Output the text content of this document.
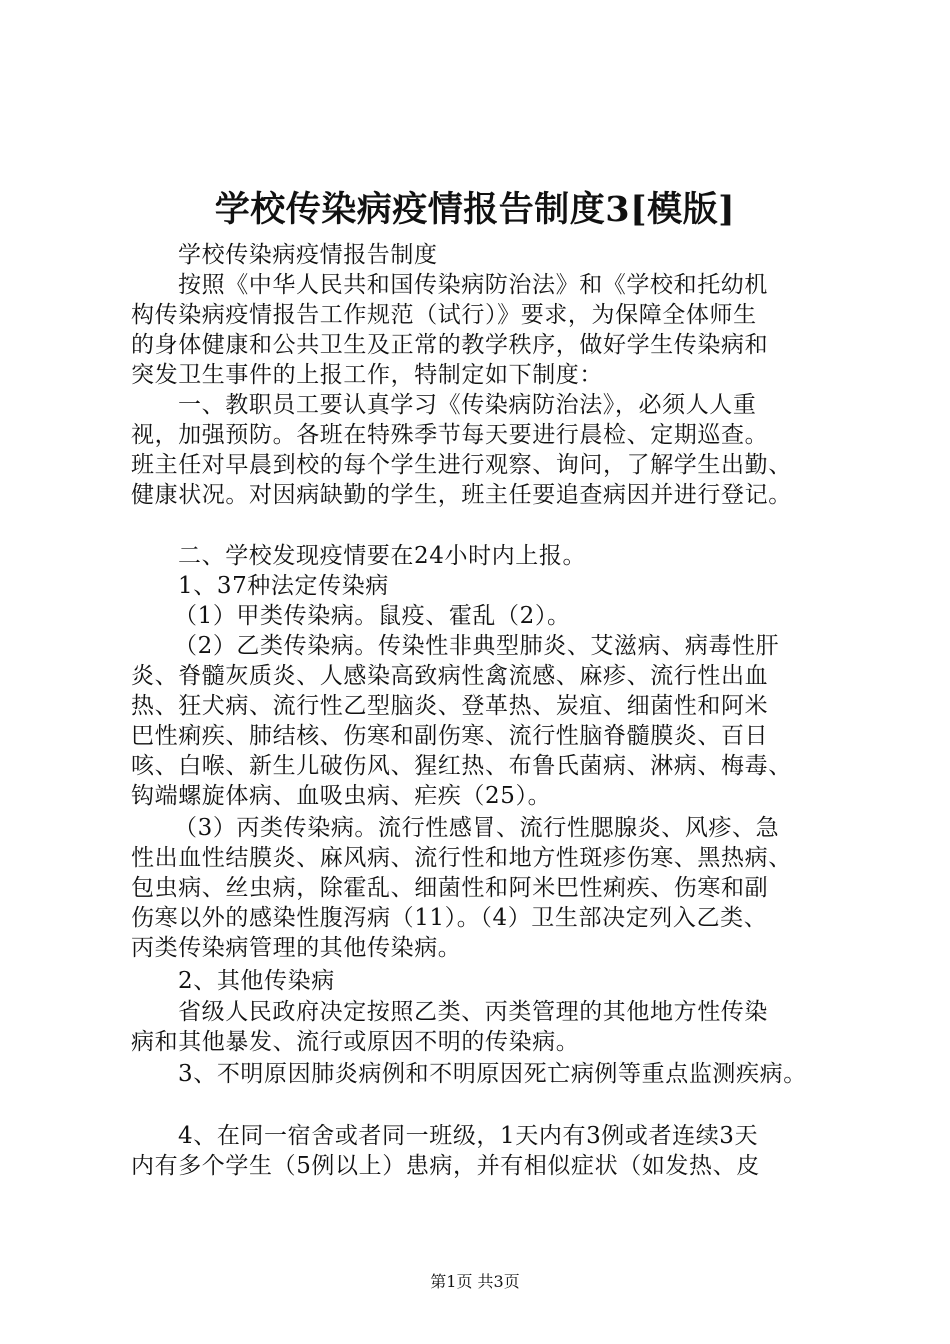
学校传染病疫情报告制度3[模版]
学校传染病疫情报告制度
按照《中华人民共和国传染病防治法》和《学校和托幼机
构传染病疫情报告工作规范（试行）》要求，为保障全体师生
的身体健康和公共卫生及正常的教学秩序，做好学生传染病和
突发卫生事件的上报工作，特制定如下制度：
一、教职员工要认真学习《传染病防治法》，必须人人重
视，加强预防。各班在特殊季节每天要进行晨检、定期巡查。
班主任对早晨到校的每个学生进行观察、询问，了解学生出勤、
健康状况。对因病缺勤的学生，班主任要追查病因并进行登记。
二、学校发现疫情要在24小时内上报。
1、37种法定传染病
（1）甲类传染病。鼠疫、霍乱（2）。
（2）乙类传染病。传染性非典型肺炎、艾滋病、病毒性肝
炎、脊髓灰质炎、人感染高致病性禽流感、麻疹、流行性出血
热、狂犬病、流行性乙型脑炎、登革热、炭疽、细菌性和阿米
巴性痢疾、肺结核、伤寒和副伤寒、流行性脑脊髓膜炎、百日
咳、白喉、新生儿破伤风、猩红热、布鲁氏菌病、淋病、梅毒、
钩端螺旋体病、血吸虫病、疟疾（25）。
（3）丙类传染病。流行性感冒、流行性腮腺炎、风疹、急
性出血性结膜炎、麻风病、流行性和地方性斑疹伤寒、黑热病、
包虫病、丝虫病，除霍乱、细菌性和阿米巴性痢疾、伤寒和副
伤寒以外的感染性腹泻病（11）。（4）卫生部决定列入乙类、
丙类传染病管理的其他传染病。
2、其他传染病
省级人民政府决定按照乙类、丙类管理的其他地方性传染
病和其他暴发、流行或原因不明的传染病。
3、不明原因肺炎病例和不明原因死亡病例等重点监测疾病。
4、在同一宿舍或者同一班级，1天内有3例或者连续3天
内有多个学生（5例以上）患病，并有相似症状（如发热、皮
第1页 共3页
